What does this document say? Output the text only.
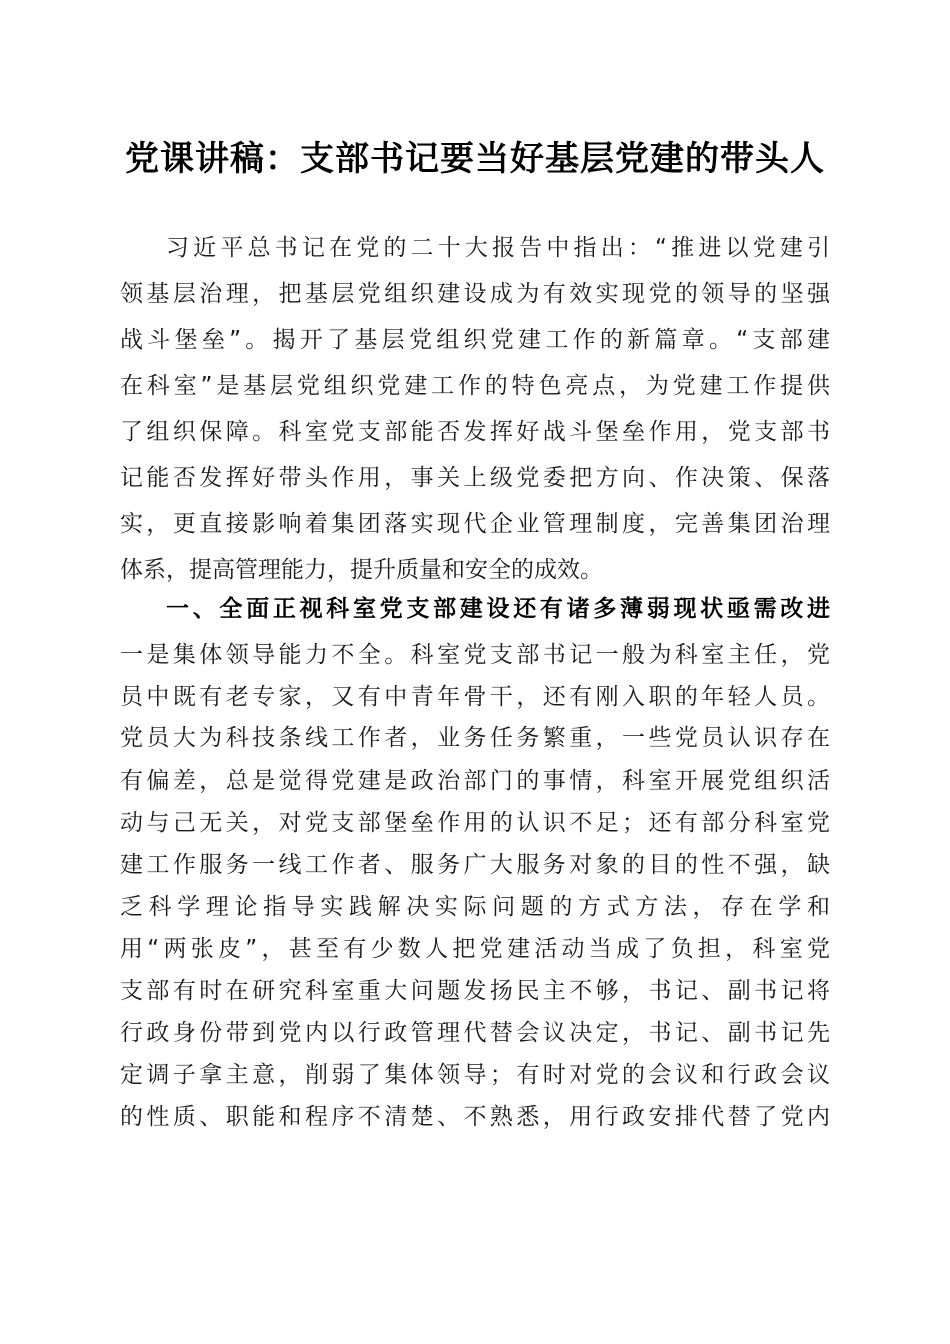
党课讲稿：支部书记要当好基层党建的带头人
习近平总书记在党的二十大报告中指出：“推进以党建引
领基层治理，把基层党组织建设成为有效实现党的领导的坚强
战斗堡垒”。揭开了基层党组织党建工作的新篇章。“支部建
在科室”是基层党组织党建工作的特色亮点，为党建工作提供
了组织保障。科室党支部能否发挥好战斗堡垒作用，党支部书
记能否发挥好带头作用，事关上级党委把方向、作决策、保落
实，更直接影响着集团落实现代企业管理制度，完善集团治理
体系，提高管理能力，提升质量和安全的成效。
一、全面正视科室党支部建设还有诸多薄弱现状亟需改进
一是集体领导能力不全。科室党支部书记一般为科室主任，党
员中既有老专家，又有中青年骨干，还有刚入职的年轻人员。
党员大为科技条线工作者，业务任务繁重，一些党员认识存在
有偏差，总是觉得党建是政治部门的事情，科室开展党组织活
动与己无关，对党支部堡垒作用的认识不足；还有部分科室党
建工作服务一线工作者、服务广大服务对象的目的性不强，缺
乏科学理论指导实践解决实际问题的方式方法，存在学和
用“两张皮”，甚至有少数人把党建活动当成了负担，科室党
支部有时在研究科室重大问题发扬民主不够，书记、副书记将
行政身份带到党内以行政管理代替会议决定，书记、副书记先
定调子拿主意，削弱了集体领导；有时对党的会议和行政会议
的性质、职能和程序不清楚、不熟悉，用行政安排代替了党内
